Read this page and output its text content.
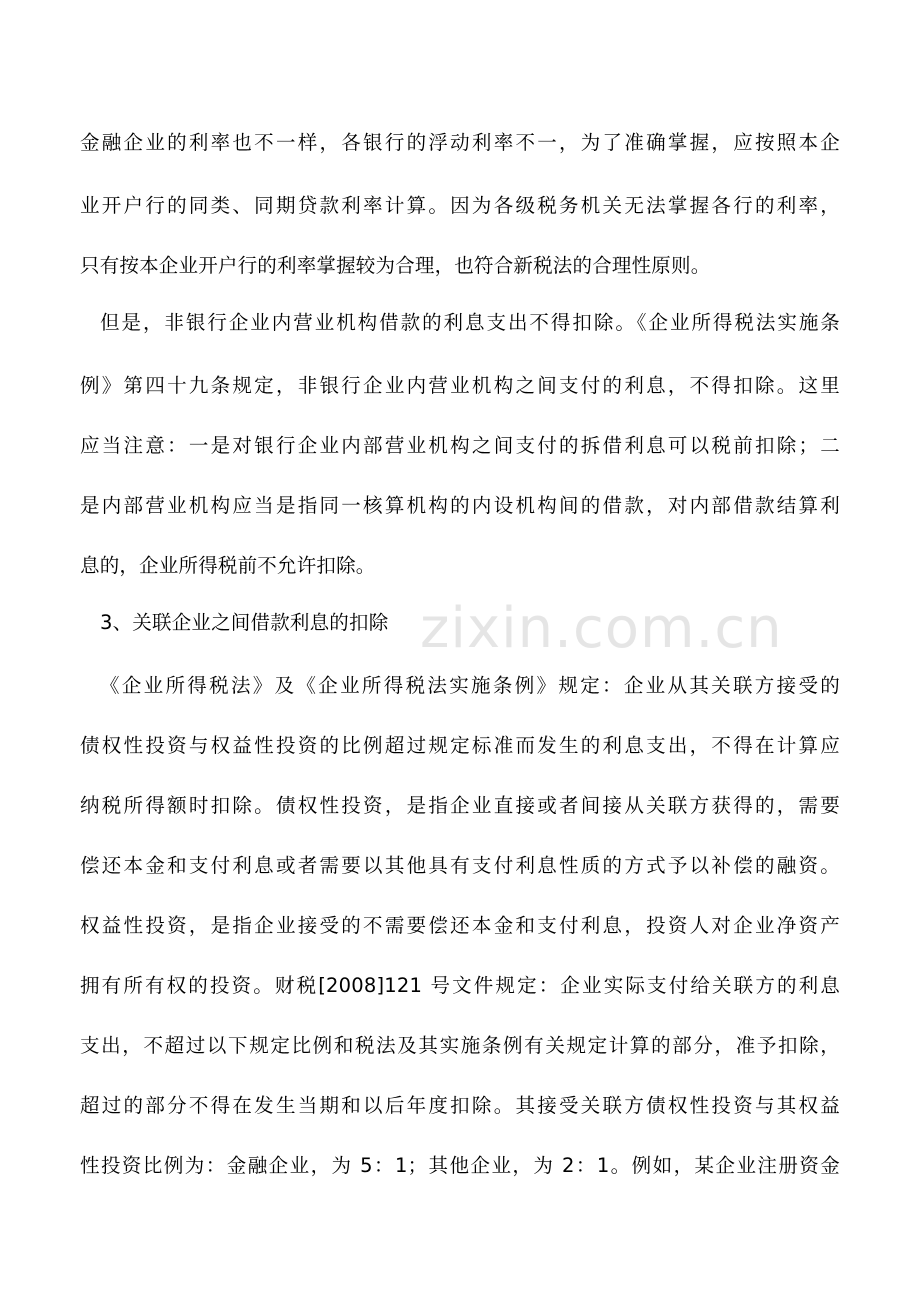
金融企业的利率也不一样，各银行的浮动利率不一，为了准确掌握，应按照本企
业开户行的同类、同期贷款利率计算。因为各级税务机关无法掌握各行的利率，
只有按本企业开户行的利率掌握较为合理，也符合新税法的合理性原则。
但是，非银行企业内营业机构借款的利息支出不得扣除。《企业所得税法实施条
例》第四十九条规定，非银行企业内营业机构之间支付的利息，不得扣除。这里
应当注意：一是对银行企业内部营业机构之间支付的拆借利息可以税前扣除；二
是内部营业机构应当是指同一核算机构的内设机构间的借款，对内部借款结算利
息的，企业所得税前不允许扣除。
3、关联企业之间借款利息的扣除
《企业所得税法》及《企业所得税法实施条例》规定：企业从其关联方接受的
债权性投资与权益性投资的比例超过规定标准而发生的利息支出，不得在计算应
纳税所得额时扣除。债权性投资，是指企业直接或者间接从关联方获得的，需要
偿还本金和支付利息或者需要以其他具有支付利息性质的方式予以补偿的融资。
权益性投资，是指企业接受的不需要偿还本金和支付利息，投资人对企业净资产
拥有所有权的投资。财税[2008]121 号文件规定：企业实际支付给关联方的利息
支出，不超过以下规定比例和税法及其实施条例有关规定计算的部分，准予扣除，
超过的部分不得在发生当期和以后年度扣除。其接受关联方债权性投资与其权益
性投资比例为：金融企业，为 5：1；其他企业，为 2：1。例如，某企业注册资金
zixin.com.cn
